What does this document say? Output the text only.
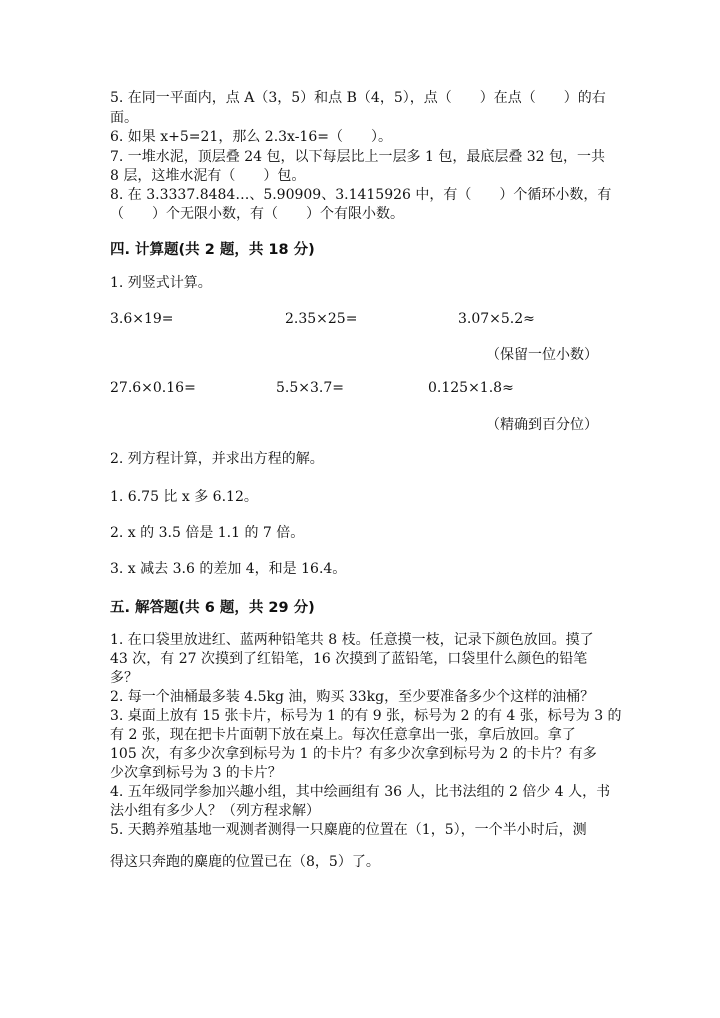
5. 在同一平面内，点 A（3，5）和点 B（4，5），点（　　）在点（　　）的右
面。
6. 如果 x+5=21，那么 2.3x-16=（　　）。
7. 一堆水泥，顶层叠 24 包，以下每层比上一层多 1 包，最底层叠 32 包，一共
8 层，这堆水泥有（　　）包。
8. 在 3.3337.8484…、5.90909、3.1415926 中，有（　　）个循环小数，有
（　　）个无限小数，有（　　）个有限小数。
四. 计算题(共 2 题，共 18 分)
1. 列竖式计算。
3.6×19=	2.35×25=	3.07×5.2≈
（保留一位小数）
27.6×0.16=	5.5×3.7=	0.125×1.8≈
（精确到百分位）
2. 列方程计算，并求出方程的解。
1. 6.75 比 x 多 6.12。
2. x 的 3.5 倍是 1.1 的 7 倍。
3. x 减去 3.6 的差加 4，和是 16.4。
五. 解答题(共 6 题，共 29 分)
1. 在口袋里放进红、蓝两种铅笔共 8 枝。任意摸一枝，记录下颜色放回。摸了
43 次，有 27 次摸到了红铅笔，16 次摸到了蓝铅笔，口袋里什么颜色的铅笔
多？
2. 每一个油桶最多装 4.5kg 油，购买 33kg，至少要准备多少个这样的油桶？
3. 桌面上放有 15 张卡片，标号为 1 的有 9 张，标号为 2 的有 4 张，标号为 3 的
有 2 张，现在把卡片面朝下放在桌上。每次任意拿出一张，拿后放回。拿了
105 次，有多少次拿到标号为 1 的卡片？有多少次拿到标号为 2 的卡片？有多
少次拿到标号为 3 的卡片？
4. 五年级同学参加兴趣小组，其中绘画组有 36 人，比书法组的 2 倍少 4 人，书
法小组有多少人？（列方程求解）
5. 天鹅养殖基地一观测者测得一只麋鹿的位置在（1，5），一个半小时后，测
得这只奔跑的麋鹿的位置已在（8，5）了。
